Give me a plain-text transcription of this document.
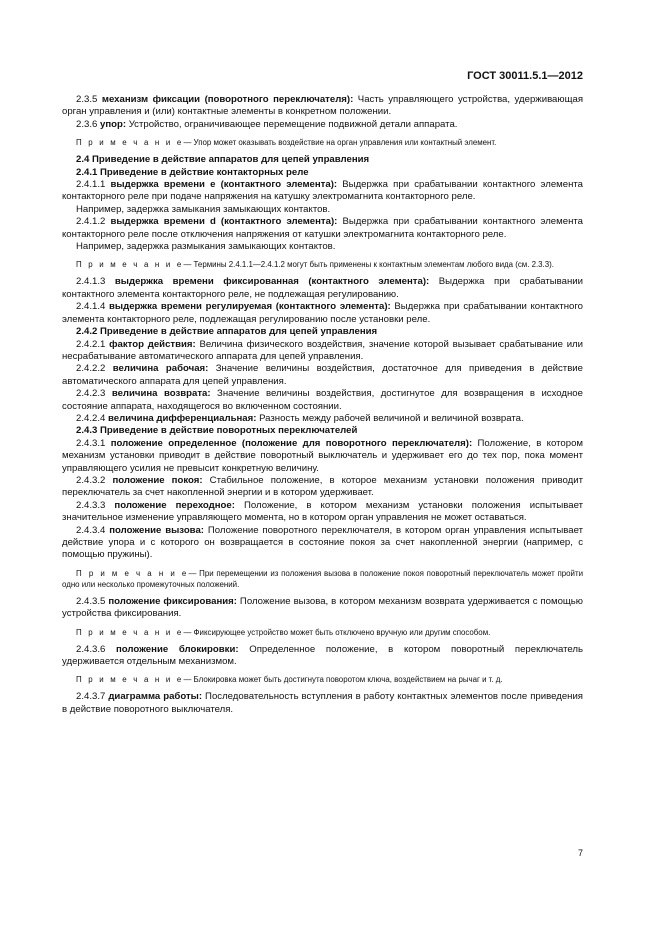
ГОСТ 30011.5.1—2012

2.3.5 механизм фиксации (поворотного переключателя): Часть управляющего устройства, удерживающая орган управления и (или) контактные элементы в конкретном положении.

2.3.6 упор: Устройство, ограничивающее перемещение подвижной детали аппарата.

П р и м е ч а н и е— Упор может оказывать воздействие на орган управления или контактный элемент.

2.4 Приведение в действие аппаратов для цепей управления

2.4.1 Приведение в действие контакторных реле

2.4.1.1 выдержка времени е (контактного элемента): Выдержка при срабатывании контактного элемента контакторного реле при подаче напряжения на катушку электромагнита контакторного реле.

Например, задержка замыкания замыкающих контактов.

2.4.1.2 выдержка времени d (контактного элемента): Выдержка при срабатывании контактного элемента контакторного реле после отключения напряжения от катушки электромагнита контакторного реле.

Например, задержка размыкания замыкающих контактов.

П р и м е ч а н и е— Термины 2.4.1.1—2.4.1.2 могут быть применены к контактным элементам любого вида (см. 2.3.3).

2.4.1.3 выдержка времени фиксированная (контактного элемента): Выдержка при срабатывании контактного элемента контакторного реле, не подлежащая регулированию.

2.4.1.4 выдержка времени регулируемая (контактного элемента): Выдержка при срабатывании контактного элемента контакторного реле, подлежащая регулированию после установки реле.

2.4.2 Приведение в действие аппаратов для цепей управления

2.4.2.1 фактор действия: Величина физического воздействия, значение которой вызывает срабатывание или несрабатывание автоматического аппарата для цепей управления.

2.4.2.2 величина рабочая: Значение величины воздействия, достаточное для приведения в действие автоматического аппарата для цепей управления.

2.4.2.3 величина возврата: Значение величины воздействия, достигнутое для возвращения в исходное состояние аппарата, находящегося во включенном состоянии.

2.4.2.4 величина дифференциальная: Разность между рабочей величиной и величиной возврата.

2.4.3 Приведение в действие поворотных переключателей

2.4.3.1 положение определенное (положение для поворотного переключателя): Положение, в котором механизм установки приводит в действие поворотный выключатель и удерживает его до тех пор, пока момент управляющего усилия не превысит конкретную величину.

2.4.3.2 положение покоя: Стабильное положение, в которое механизм установки положения приводит переключатель за счет накопленной энергии и в котором удерживает.

2.4.3.3 положение переходное: Положение, в котором механизм установки положения испытывает значительное изменение управляющего момента, но в котором орган управления не может оставаться.

2.4.3.4 положение вызова: Положение поворотного переключателя, в котором орган управления испытывает действие упора и с которого он возвращается в состояние покоя за счет накопленной энергии (например, с помощью пружины).

П р и м е ч а н и е— При перемещении из положения вызова в положение покоя поворотный переключатель может пройти одно или несколько промежуточных положений.

2.4.3.5 положение фиксирования: Положение вызова, в котором механизм возврата удерживается с помощью устройства фиксирования.

П р и м е ч а н и е— Фиксирующее устройство может быть отключено вручную или другим способом.

2.4.3.6 положение блокировки: Определенное положение, в котором поворотный переключатель удерживается отдельным механизмом.

П р и м е ч а н и е— Блокировка может быть достигнута поворотом ключа, воздействием на рычаг и т. д.

2.4.3.7 диаграмма работы: Последовательность вступления в работу контактных элементов после приведения в действие поворотного выключателя.

7
